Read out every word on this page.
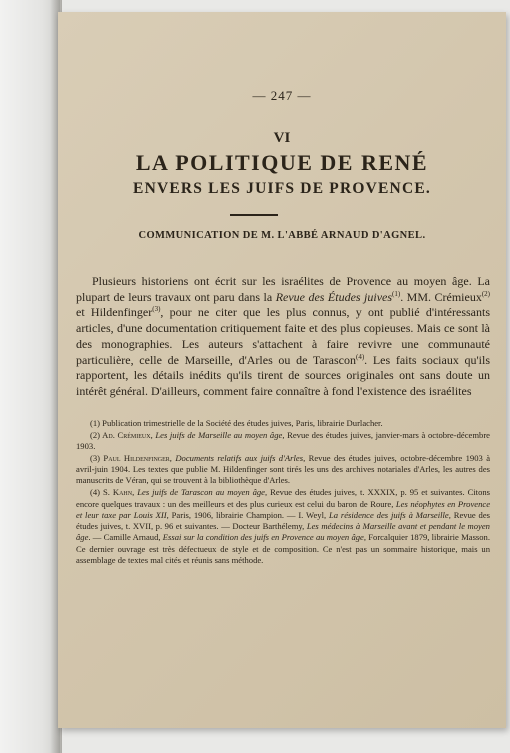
— 247 —
VI
LA POLITIQUE DE RENÉ
ENVERS LES JUIFS DE PROVENCE.
COMMUNICATION DE M. L'ABBÉ ARNAUD D'AGNEL.

Plusieurs historiens ont écrit sur les israélites de Provence au moyen âge. La plupart de leurs travaux ont paru dans la Revue des Études juives$^{(1)}$. MM. Crémieux$^{(2)}$ et Hildenfinger$^{(3)}$, pour ne citer que les plus connus, y ont publié d'intéressants articles, d'une documentation critiquement faite et des plus copieuses. Mais ce sont là des monographies. Les auteurs s'attachent à faire revivre une communauté particulière, celle de Marseille, d'Arles ou de Tarascon$^{(4)}$. Les faits sociaux qu'ils rapportent, les détails inédits qu'ils tirent de sources originales ont sans doute un intérêt général. D'ailleurs, comment faire connaître à fond l'existence des israélites

(1) Publication trimestrielle de la Société des études juives, Paris, librairie Durlacher.

(2) Ad. Crémieux, Les juifs de Marseille au moyen âge, Revue des études juives, janvier-mars à octobre-décembre 1903.

(3) Paul Hildenfinger, Documents relatifs aux juifs d'Arles, Revue des études juives, octobre-décembre 1903 à avril-juin 1904. Les textes que publie M. Hildenfinger sont tirés les uns des archives notariales d'Arles, les autres des manuscrits de Véran, qui se trouvent à la bibliothèque d'Arles.

(4) S. Kahn, Les juifs de Tarascon au moyen âge, Revue des études juives, t. XXXIX, p. 95 et suivantes. Citons encore quelques travaux : un des meilleurs et des plus curieux est celui du baron de Roure, Les néophytes en Provence et leur taxe par Louis XII, Paris, 1906, librairie Champion. — I. Weyl, La résidence des juifs à Marseille, Revue des études juives, t. XVII, p. 96 et suivantes. — Docteur Barthélemy, Les médecins à Marseille avant et pendant le moyen âge. — Camille Arnaud, Essai sur la condition des juifs en Provence au moyen âge, Forcalquier 1879, librairie Masson. Ce dernier ouvrage est très défectueux de style et de composition. Ce n'est pas un sommaire historique, mais un assemblage de textes mal cités et réunis sans méthode.
